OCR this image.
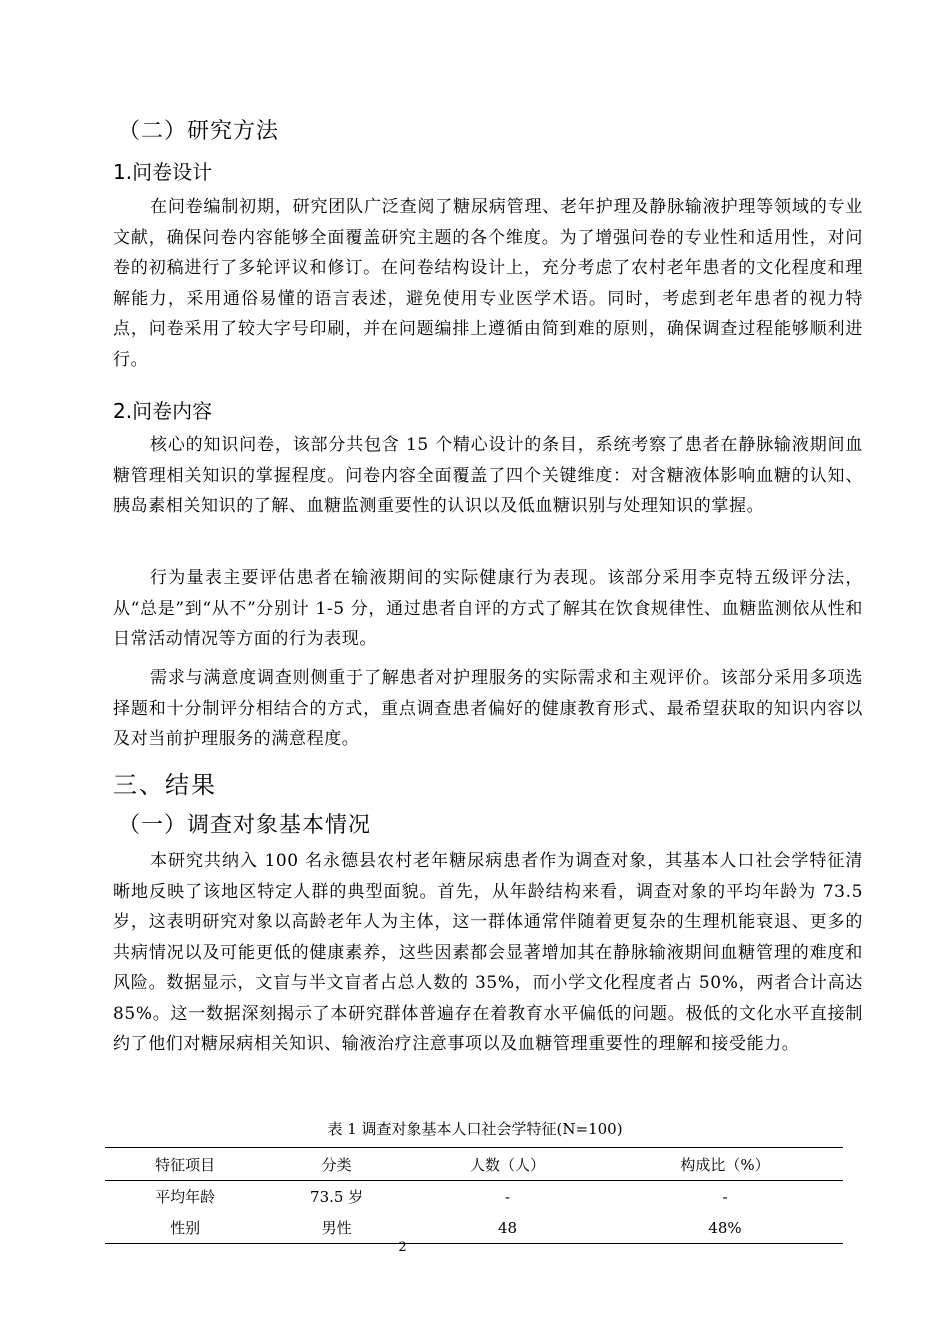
（二）研究方法
1.问卷设计
在问卷编制初期，研究团队广泛查阅了糖尿病管理、老年护理及静脉输液护理等领域的专业文献，确保问卷内容能够全面覆盖研究主题的各个维度。为了增强问卷的专业性和适用性，对问卷的初稿进行了多轮评议和修订。在问卷结构设计上，充分考虑了农村老年患者的文化程度和理解能力，采用通俗易懂的语言表述，避免使用专业医学术语。同时，考虑到老年患者的视力特点，问卷采用了较大字号印刷，并在问题编排上遵循由简到难的原则，确保调查过程能够顺利进行。
2.问卷内容
核心的知识问卷，该部分共包含 15 个精心设计的条目，系统考察了患者在静脉输液期间血糖管理相关知识的掌握程度。问卷内容全面覆盖了四个关键维度：对含糖液体影响血糖的认知、胰岛素相关知识的了解、血糖监测重要性的认识以及低血糖识别与处理知识的掌握。
行为量表主要评估患者在输液期间的实际健康行为表现。该部分采用李克特五级评分法，从“总是”到“从不”分别计 1-5 分，通过患者自评的方式了解其在饮食规律性、血糖监测依从性和日常活动情况等方面的行为表现。
需求与满意度调查则侧重于了解患者对护理服务的实际需求和主观评价。该部分采用多项选择题和十分制评分相结合的方式，重点调查患者偏好的健康教育形式、最希望获取的知识内容以及对当前护理服务的满意程度。
三、结果
（一）调查对象基本情况
本研究共纳入 100 名永德县农村老年糖尿病患者作为调查对象，其基本人口社会学特征清晰地反映了该地区特定人群的典型面貌。首先，从年龄结构来看，调查对象的平均年龄为 73.5 岁，这表明研究对象以高龄老年人为主体，这一群体通常伴随着更复杂的生理机能衰退、更多的共病情况以及可能更低的健康素养，这些因素都会显著增加其在静脉输液期间血糖管理的难度和风险。数据显示，文盲与半文盲者占总人数的 35%，而小学文化程度者占 50%，两者合计高达 85%。这一数据深刻揭示了本研究群体普遍存在着教育水平偏低的问题。极低的文化水平直接制约了他们对糖尿病相关知识、输液治疗注意事项以及血糖管理重要性的理解和接受能力。
表 1 调查对象基本人口社会学特征(N=100)
特征项目	分类	人数（人）	构成比（%）
平均年龄	73.5 岁	-	-
性别	男性	48	48%
2
